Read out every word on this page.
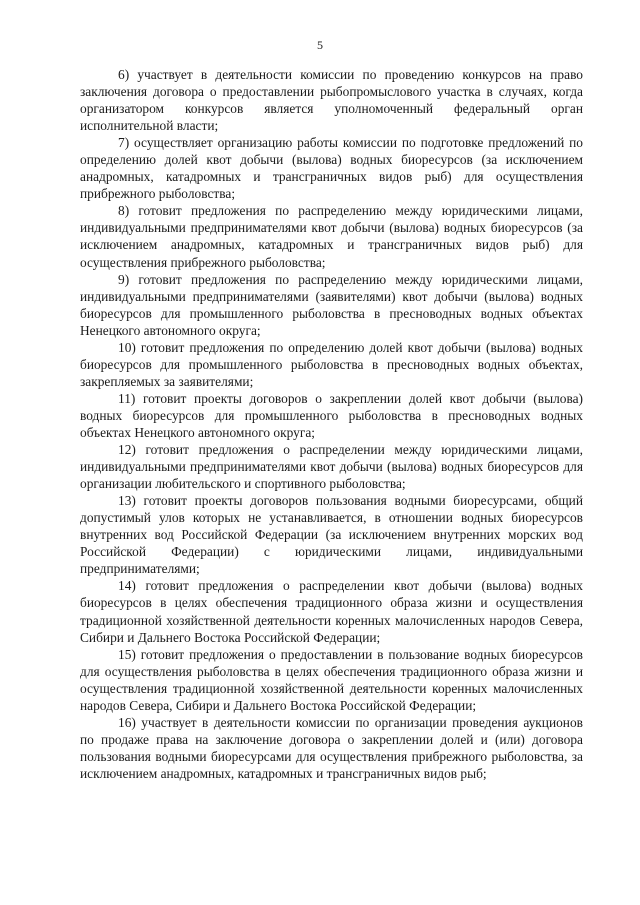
5

6) участвует в деятельности комиссии по проведению конкурсов на право заключения договора о предоставлении рыбопромыслового участка в случаях, когда организатором конкурсов является уполномоченный федеральный орган исполнительной власти;

7) осуществляет организацию работы комиссии по подготовке предложений по определению долей квот добычи (вылова) водных биоресурсов (за исключением анадромных, катадромных и трансграничных видов рыб) для осуществления прибрежного рыболовства;

8) готовит предложения по распределению между юридическими лицами, индивидуальными предпринимателями квот добычи (вылова) водных биоресурсов (за исключением анадромных, катадромных и трансграничных видов рыб) для осуществления прибрежного рыболовства;

9) готовит предложения по распределению между юридическими лицами, индивидуальными предпринимателями (заявителями) квот добычи (вылова) водных биоресурсов для промышленного рыболовства в пресноводных водных объектах Ненецкого автономного округа;

10) готовит предложения по определению долей квот добычи (вылова) водных биоресурсов для промышленного рыболовства в пресноводных водных объектах, закрепляемых за заявителями;

11) готовит проекты договоров о закреплении долей квот добычи (вылова) водных биоресурсов для промышленного рыболовства в пресноводных водных объектах Ненецкого автономного округа;

12) готовит предложения о распределении между юридическими лицами, индивидуальными предпринимателями квот добычи (вылова) водных биоресурсов для организации любительского и спортивного рыболовства;

13) готовит проекты договоров пользования водными биоресурсами, общий допустимый улов которых не устанавливается, в отношении водных биоресурсов внутренних вод Российской Федерации (за исключением внутренних морских вод Российской Федерации) с юридическими лицами, индивидуальными предпринимателями;

14) готовит предложения о распределении квот добычи (вылова) водных биоресурсов в целях обеспечения традиционного образа жизни и осуществления традиционной хозяйственной деятельности коренных малочисленных народов Севера, Сибири и Дальнего Востока Российской Федерации;

15) готовит предложения о предоставлении в пользование водных биоресурсов для осуществления рыболовства в целях обеспечения традиционного образа жизни и осуществления традиционной хозяйственной деятельности коренных малочисленных народов Севера, Сибири и Дальнего Востока Российской Федерации;

16) участвует в деятельности комиссии по организации проведения аукционов по продаже права на заключение договора о закреплении долей и (или) договора пользования водными биоресурсами для осуществления прибрежного рыболовства, за исключением анадромных, катадромных и трансграничных видов рыб;
